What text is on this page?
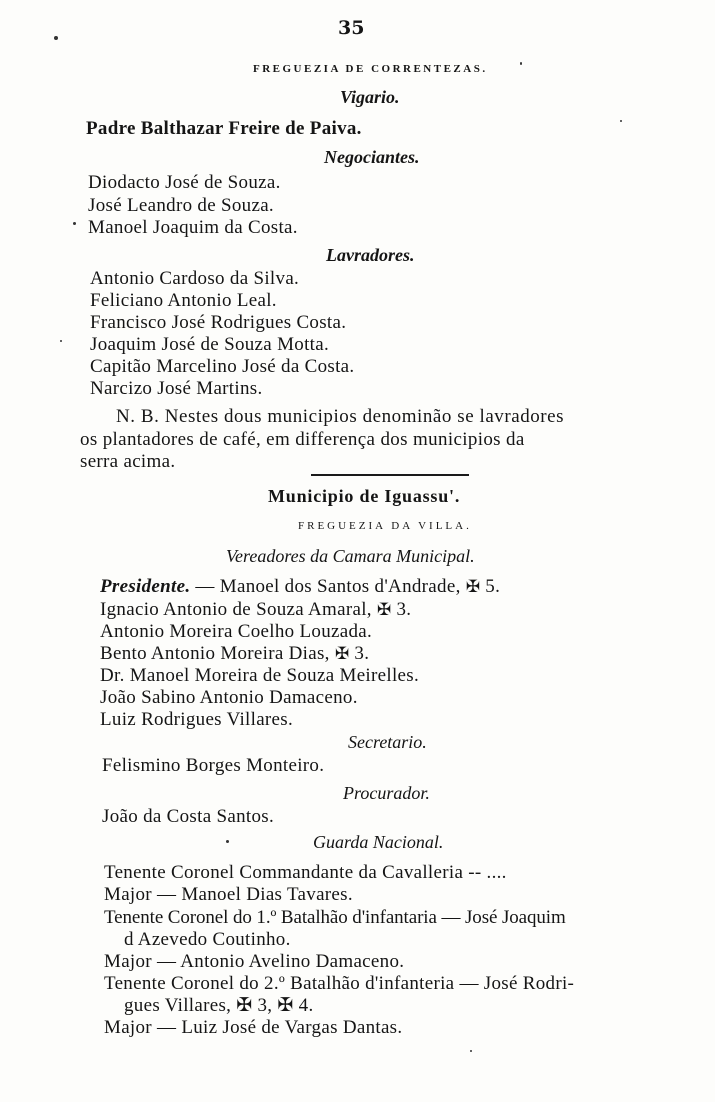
35
FREGUEZIA DE CORRENTEZAS.
Vigario.
Padre Balthazar Freire de Paiva.
Negociantes.
Diodacto José de Souza.
José Leandro de Souza.
Manoel Joaquim da Costa.
Lavradores.
Antonio Cardoso da Silva.
Feliciano Antonio Leal.
Francisco José Rodrigues Costa.
Joaquim José de Souza Motta.
Capitão Marcelino José da Costa.
Narcizo José Martins.
N. B. Nestes dous municipios denominão se lavradores
os plantadores de café, em differença dos municipios da
serra acima.
Municipio de Iguassu'.
FREGUEZIA DA VILLA.
Vereadores da Camara Municipal.
Presidente. — Manoel dos Santos d'Andrade, ✠ 5.
Ignacio Antonio de Souza Amaral, ✠ 3.
Antonio Moreira Coelho Louzada.
Bento Antonio Moreira Dias, ✠ 3.
Dr. Manoel Moreira de Souza Meirelles.
João Sabino Antonio Damaceno.
Luiz Rodrigues Villares.
Secretario.
Felismino Borges Monteiro.
Procurador.
João da Costa Santos.
Guarda Nacional.
Tenente Coronel Commandante da Cavalleria -- ....
Major — Manoel Dias Tavares.
Tenente Coronel do 1.º Batalhão d'infantaria — José Joaquim
d Azevedo Coutinho.
Major — Antonio Avelino Damaceno.
Tenente Coronel do 2.º Batalhão d'infanteria — José Rodri-
gues Villares, ✠ 3, ✠ 4.
Major — Luiz José de Vargas Dantas.
